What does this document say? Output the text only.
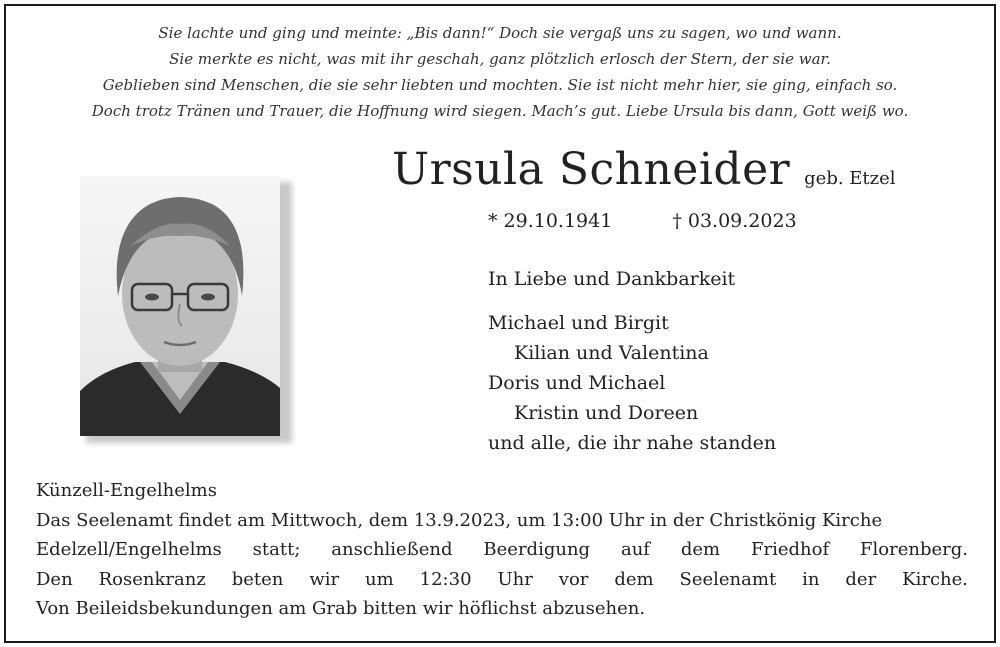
Sie lachte und ging und meinte: „Bis dann!“ Doch sie vergaß uns zu sagen, wo und wann.
Sie merkte es nicht, was mit ihr geschah, ganz plötzlich erlosch der Stern, der sie war.
Geblieben sind Menschen, die sie sehr liebten und mochten. Sie ist nicht mehr hier, sie ging, einfach so.
Doch trotz Tränen und Trauer, die Hoffnung wird siegen. Mach’s gut. Liebe Ursula bis dann, Gott weiß wo.
Ursula Schneider geb. Etzel
* 29.10.1941	† 03.09.2023
In Liebe und Dankbarkeit
Michael und Birgit
Kilian und Valentina
Doris und Michael
Kristin und Doreen
und alle, die ihr nahe standen
Künzell-Engelhelms
Das Seelenamt findet am Mittwoch, dem 13.9.2023, um 13:00 Uhr in der Christkönig Kirche
Edelzell/Engelhelms statt; anschließend Beerdigung auf dem Friedhof Florenberg.
Den Rosenkranz beten wir um 12:30 Uhr vor dem Seelenamt in der Kirche.
Von Beileidsbekundungen am Grab bitten wir höflichst abzusehen.
